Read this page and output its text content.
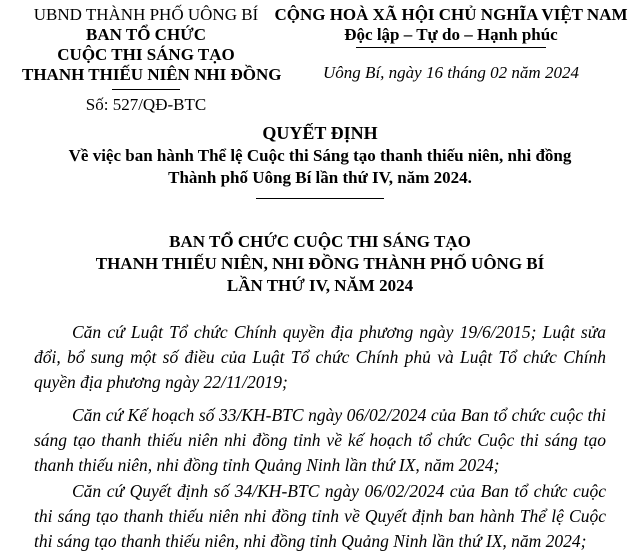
UBND THÀNH PHỐ UÔNG BÍ
BAN TỔ CHỨC
CUỘC THI SÁNG TẠO
THANH THIẾU NIÊN NHI ĐỒNG
Số: 527/QĐ-BTC
CỘNG HOÀ XÃ HỘI CHỦ NGHĨA VIỆT NAM
Độc lập – Tự do – Hạnh phúc
Uông Bí, ngày 16 tháng 02 năm 2024
QUYẾT ĐỊNH
Về việc ban hành Thể lệ Cuộc thi Sáng tạo thanh thiếu niên, nhi đồng
Thành phố Uông Bí lần thứ IV, năm 2024.
BAN TỔ CHỨC CUỘC THI SÁNG TẠO
THANH THIẾU NIÊN, NHI ĐỒNG THÀNH PHỐ UÔNG BÍ
LẦN THỨ IV, NĂM 2024
Căn cứ Luật Tổ chức Chính quyền địa phương ngày 19/6/2015; Luật sửa đổi, bổ sung một số điều của Luật Tổ chức Chính phủ và Luật Tổ chức Chính quyền địa phương ngày 22/11/2019;
Căn cứ Kế hoạch số 33/KH-BTC ngày 06/02/2024 của Ban tổ chức cuộc thi sáng tạo thanh thiếu niên nhi đồng tỉnh về kế hoạch tổ chức Cuộc thi sáng tạo thanh thiếu niên, nhi đồng tỉnh Quảng Ninh lần thứ IX, năm 2024;
Căn cứ Quyết định số 34/KH-BTC ngày 06/02/2024 của Ban tổ chức cuộc thi sáng tạo thanh thiếu niên nhi đồng tỉnh về Quyết định ban hành Thể lệ Cuộc thi sáng tạo thanh thiếu niên, nhi đồng tỉnh Quảng Ninh lần thứ IX, năm 2024;
